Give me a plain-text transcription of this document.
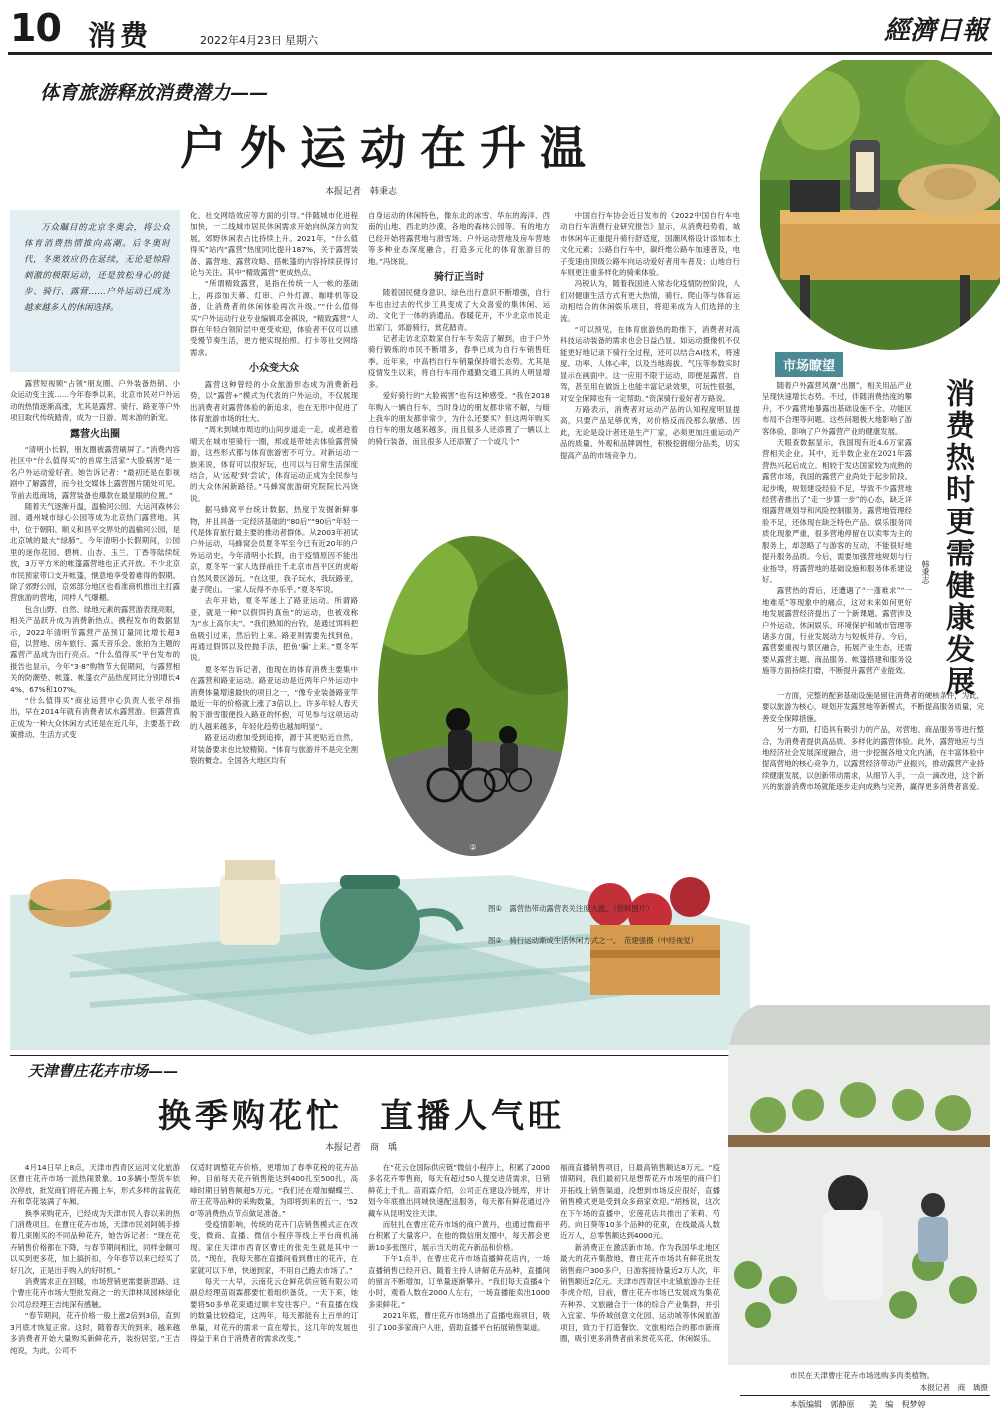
10 消费	2022年4月23日 星期六	經濟日報
体育旅游释放消费潜力——
户外运动在升温
本报记者　韩秉志
万众瞩目的北京冬奥会，将公众体育消费热情推向高潮。后冬奥时代，冬奥效应仍在延续，无论是惊险刺激的极限运动，还是放松身心的徒步、骑行、露营……户外运动已成为越来越多人的休闲选择。

露营短视频“占领”朋友圈、户外装备热销、小众运动变主流……今年春季以来，北京市民对户外运动的热情逐渐高涨，尤其是露营、骑行、路亚等户外项目取代传统踏青，成为一日游、周末游的新宠。

露营火出圈

“清明小长假，朋友圈被露营刷屏了。”消费内容社区中“什么值得买”的首席生活家“大脸祸害”是一名户外运动爱好者。她告诉记者：“最初还是在影视剧中了解露营，而今社交媒体上露营图片随处可见。节前去逛商场，露营装备也爆款在最显眼的位置。”

随着天气逐渐升温，温榆河公园、大运河森林公园、通州城市绿心公园等成为北京热门露营地。其中，位于朝阳、顺义和昌平交界处的温榆河公园，是北京城的最大“绿肺”。今年清明小长假期间，公园里的迷你花园、碧桃、山杏、玉兰、丁香等陆续绽放，3万平方米的帐篷露营地也正式开放。不少北京市民预家带口支开帐篷，惬意地享受着难得的假期。除了郊野公园，京郊部分地区也看准商机推出主打露营旅游的营地，同样人气爆棚。

包含山野、自然、绿地元素的露营游表现亮眼，相关产品跃升成为消费新热点。携程发布的数据显示，2022年清明节露营产品预订量同比增长超3倍，以营地、房车旅行、露天音乐会、旅拍为主题的露营产品成为出行亮点。“什么值得买”平台发布的报告也显示，今年“3·8”购物节大促期间，与露营相关的防潮垫、帐篷、帐篷衣产品热度同比分别增长44%、67%和107%。

“什么值得买”商业运营中心负责人张宇昂指出，早在2014年就有消费者试水露营游。但露营真正成为一种大众休闲方式还是在近几年，主要基于政策推动、生活方式变

化、社交网络效应等方面的引导。”伴随城市化进程加快，一二线城市居民休闲需求开始向纵深方向发展，郊野休闲表占比持续上升。2021年，“什么值得买”站内“露营”热度同比提升187%，关于露营装备、露营地、露营攻略、搭帐篷的内容持续获得讨论与关注。其中“精致露营”更成热点。

“所谓精致露营，是指在传统一人一帐的基础上，再添加天幕、灯串、户外灯源、咖啡机等设备，让消费者的休闲体验再次升级。”“什么值得买”户外运动行业专业编辑邓金祺说，“精致露营”人群在年轻白领阶层中更受欢迎，体验者不仅可以感受慢节奏生活，更方便实现拍照、打卡等社交网络需求。

小众变大众

露营这种曾经的小众旅游形态成为消费新趋势，以“露营+”模式为代表的户外运动，不仅展现出消费者对露营体验的新追求，也在无形中促进了体育旅游市场的壮大。

“周末到城市周边的山间步道走一走，或者趁着晴天在城市里骑行一圈，邦或是带娃去体验露营骑游，这些形式都与体育旅游密不可分。对新运动一族来说，体育可以很好玩，也可以与日常生活深度结合，从‘远观’到‘尝试’，体育运动正成为全民参与的大众休闲新路径。”马蜂窝旅游研究院院长冯饶说。

据马蜂窝平台统计数据，热度于发掘新鲜事物，并且具备一定经济基础的“80后”“90后”年轻一代是体育旅行最主要的推动者群体。从2003年初试户外运动，马蜂窝会员夏冬军至今已有近20年的户外运动史。今年清明小长假，由于疫情原因不能出京，夏冬军一家人选择前往千北京市昌平区的虎峪自然风景区游玩。“在这里，我子玩水，我玩路亚，妻子爬山。一家人玩得不亦乐乎。”夏冬军说。

去年开始，夏冬军迷上了路亚运动。所谓路亚，就是一种“以假饵钓真鱼”的运动，也被戏称为“水上高尔夫”。“我们熟知的台钓，是通过饵料把鱼吸引过来，然后钓上来。路亚则需要先找到鱼，再通过假饵以及控抛手法，把鱼‘骗’上来。”夏冬军说。

夏冬军告诉记者，他现在的体育消费主要集中在露营和路亚运动。路亚运动是近两年户外运动中消费体量增速最快的项目之一，“像专业装备路亚竿最近一年的价格就上涨了3倍以上。许多年轻人春天脱下滑雪服便投入路亚的怀抱，可见参与这项运动的人越来越多，年轻化趋势也越加明显”。

路亚运动愈加受到追捧，源于其更贴近自然，对装备要求也比较精简。“体育与旅游并不是完全割裂的概念。全国各大地区均有

自身运动的休闲特色，像东北的冰雪、华东的海洋、西南的山地、西北的沙漠、各地的森林公园等。有的地方已经开始将露营地与滑雪场、户外运动营地及房车营地等多种业态深度融合，打造多元化的体育旅游目的地。”冯饶说。

骑行正当时

随着国民健身意识、绿色出行意识不断增强，自行车也由过去的代步工具变成了大众喜爱的集休闲、运动、文化于一体的消遣品。春暖花开，不少北京市民走出家门，郊游骑行，赏花踏青。

记者走访北京数家自行车专卖店了解到，由于户外骑行锻炼的市民不断增多，春季已成为自行车销售旺季。近年来，中高档自行车销量保持增长态势。尤其是疫情发生以来，将自行车用作通勤交通工具的人明显增多。

爱好骑行的“大脸祸害”也有这种感受。“我在2018年购入一辆自行车，当时身边的朋友都非常不解，与暗上我车的朋友都非常少，为什么还要买？但这两年购买自行车的朋友越来越多，而且很多人还添置了一辆以上的骑行装备，而且很多人还添置了一个或几个”

中国自行车协会近日发布的《2022中国自行车电动自行车消费行业研究报告》显示，从消费趋势看，城市休闲车正重提升骑行舒适度，国潮风格设计添加本土文化元素；公路自行车中，碳纤维公路车加速普及，电子变速由顶级公路车向运动爱好者用车普及；山地自行车则更注重多样化的骑乘体验。

冯锐认为，随着我国进入常态化疫情防控阶段，人们对健康生活方式有更大热情，骑行、爬山等与体育运动相结合的休闲娱乐项目，将迎来成为人们选择的主流。

“可以预见，在体育旅游热的助推下，消费者对高科技运动装备的需求也会日益凸显。如运动摄像机不仅能更好地记录下骑行全过程，还可以结合AI技术，将速度、功率、人体心率，以及当地海拔、气压等参数实时显示在画面中。这一应用不限于运动，即便是露营、自驾，甚至用在做饭上也能丰富记录效果，可玩性很强，对安全保障也有一定帮助。”资深骑行爱好者万路说。

万路表示，消费者对运动产品的认知程度明显提高，只要产品足够优秀，对价格反而没那么敏感。因此，无论是设计者还是生产厂家，必须更加注重运动产品的质量、外观和品牌调性，积极挖掘细分品类，切实提高产品的市场竞争力。

市场瞭望
消费热时更需健康发展
韩秉志

随着户外露营风潮“出圈”，相关用品产业呈现快速增长态势。不过，伴随消费热度的攀升，不少露营地暴露出基础设施不全、功能区布局不合理等问题。这些问题极大地影响了游客体验，影响了户外露营产业的健康发展。

天眼查数据显示，我国现有近4.6万家露营相关企业。其中，近半数企业在2021年露营热兴起后成立。相较于发达国家较为成熟的露营市场，我国的露营产业尚处于起步阶段。起步晚，规划建设经验不足，导致不少露营地经营者推出了“走一步算一步”的心态，缺乏详细露营规划导和风险控制服务。露营地管理经验不足，还体现在缺乏特色产品、娱乐服务同质化现象严重，很多营地停留在以卖零为主的服务上，却忽略了与游客的互动，不能很好地提升服务品质。今后，需要加强营地规划与行业指导，将露营地的基础设施和服务体系建设好。

露营热的背后，还遭遇了“一蓬难求”“一地难觅”等现象中的痛点，这对未来如何更好地发展露营经济提出了一个新课题。露营涉及户外运动、休闲娱乐、环境保护和城市管理等诸多方面，行业发展动力与短板并存。今后，露营要重视与景区融合，拓展产业生态，还需要从露营主题、商品服务、帐篷搭建和服务设施等方面持续打磨，不断提升露营产业能效。

一方面，完整的配套基础设施是留住消费者的硬核条件，为此，要以旅游为核心，规划开发露营地等新模式，不断提高服务质量，完善安全保障措施。

另一方面，打造具有吸引力的产品，对营地、商品服务等进行整合，为消费者提供高品质、多样化的露营体验。此外，露营地应与当地经济社会发展深度融合，进一步挖掘各地文化内涵，在丰富体验中提高营地的核心竞争力，以露营经济带动产业振兴，推动露营产业持续健康发展，以创新带动需求，从细节入手，一点一滴改进，这个新兴的旅游消费市场就能逐步走向成熟与完善，赢得更多消费者喜爱。

②
图①　露营热带动露营表关注度大涨。（资料图片）
图②　骑行运动渐成生活休闲方式之一。　范建强摄（中经视觉）
天津曹庄花卉市场——
换季购花忙　直播人气旺
本报记者　商　瑀

4月14日早上8点，天津市西青区运河文化旅游区曹庄花卉市场一派热闹景象。10多辆小型货车依次停放，批发商们将花卉搬上车，形式多样的盆栽花卉和草花装满了车厢。

换季采购花卉，已经成为天津市民人春以来的热门消费项目。在曹庄花卉市场，天津市民刘阿姨手捧着几束刚买的不同品种花卉，她告诉记者：“现在花卉销售价格都在下降，与春节期间相比，同样金额可以买到更多花，加上搞折扣，今年春节以来已经买了好几次，正是出手购入的好时机。”

消费需求正在回暖，市场营销更需要新思路。这个曹庄花卉市场大型批发商之一的天津林凤园林绿化公司总经理王吉纯深有感触。

“春节期间，花卉价格一般上涨2倍到3倍，直到3月底才恢复正常。这时，随着春天的到来，越来越多消费者开始大量购买新鲜花卉，装扮居室。”王吉纯说，为此，公司不

仅适时调整花卉价格，更增加了春季花税的花卉品种，目前每天花卉销售能达到400扎至500扎，高峰时期日销售额超5万元。“我们还在增加蝴蝶兰、帝王花等品种的采购数量，为即将到来的五一、‘520’等消费热点节点做足准备。”

受疫情影响，传统的花卉门店销售模式正在改变，微商、直播、微信小程序等线上平台商机涌现。家住天津市西青区曹庄的张先生就是其中一员。“现在，我每天都在直播间看到曹庄的花卉，在家就可以下单，快递到家，不用自己跑去市场了。”

每天一大早，云南花云仓鲜花供应链有限公司副总经理苗雨霖都要忙着组织备货。一天下来，她要将50多单花束通过顺丰发往客户。“有直播在线的数量比较稳定，这两年，每天都能有上百单的订单量，对花卉的需求一直在增长，这几年的发展也得益于来自于消费者的需求改变。”

在“花云仓国际供应链”微信小程序上，积累了2000多名花卉零售商，每天有超过50人提交进货需求，日销鲜花上千扎。苗雨霖介绍，公司正在建设冷链库，并计划今年底推出同城快速配送服务，每天都有鲜花通过冷藏车从昆明发往天津。

而驻扎在曹庄花卉市场的商户黄丹，也通过微商平台积累了大量客户。在他的微信朋友圈中，每天都会更新10多张图片，展示当天的花卉新品和价格。

下午1点半，在曹庄花卉市场直播鲜花店内，一场直播销售已经开启。随着主持人讲解花卉品种，直播间的留言不断增加，订单量逐渐攀升。“我们每天直播4个小时，观看人数在2000人左右，一场直播能卖出1000多束鲜花。”

2021年底，曹庄花卉市场推出了直播电商项目，吸引了100多家商户入驻，借助直播平台拓展销售渠道。

福商直播销售项目，日最高销售额达8万元。“疫情期间，我们最初只是想帮花卉市场里的商户们开拓线上销售渠道，没想到市场反应很好，直播销售模式更是受到众多商家欢迎。”胡杨说，这次在下午场的直播中，宏莲花店共推出了茉莉、芍药、向日葵等10多个品种的花束，在线最高人数近万人，总零售额达到4000元。

新消费正在激活新市场。作为我国华北地区最大的花卉集散地，曹庄花卉市场共有鲜花批发销售商户300多户，日游客接待量近2万人次，年销售额近2亿元。天津市西青区中北镇旅游办主任李虎介绍，目前，曹庄花卉市场已发展成为集花卉种养、文旅融合于一体的综合产业集群，并引入宜家、华侨城创意文化园、运动城等休闲旅游项目，致力于打造餐饮、文旅相结合的都市新商圈，吸引更多消费者前来赏花买花、休闲娱乐。

市民在天津曹庄花卉市场选购多肉类植物。
本报记者　商　瑀摄
本版编辑 郭静原 美　编 倪梦婷
